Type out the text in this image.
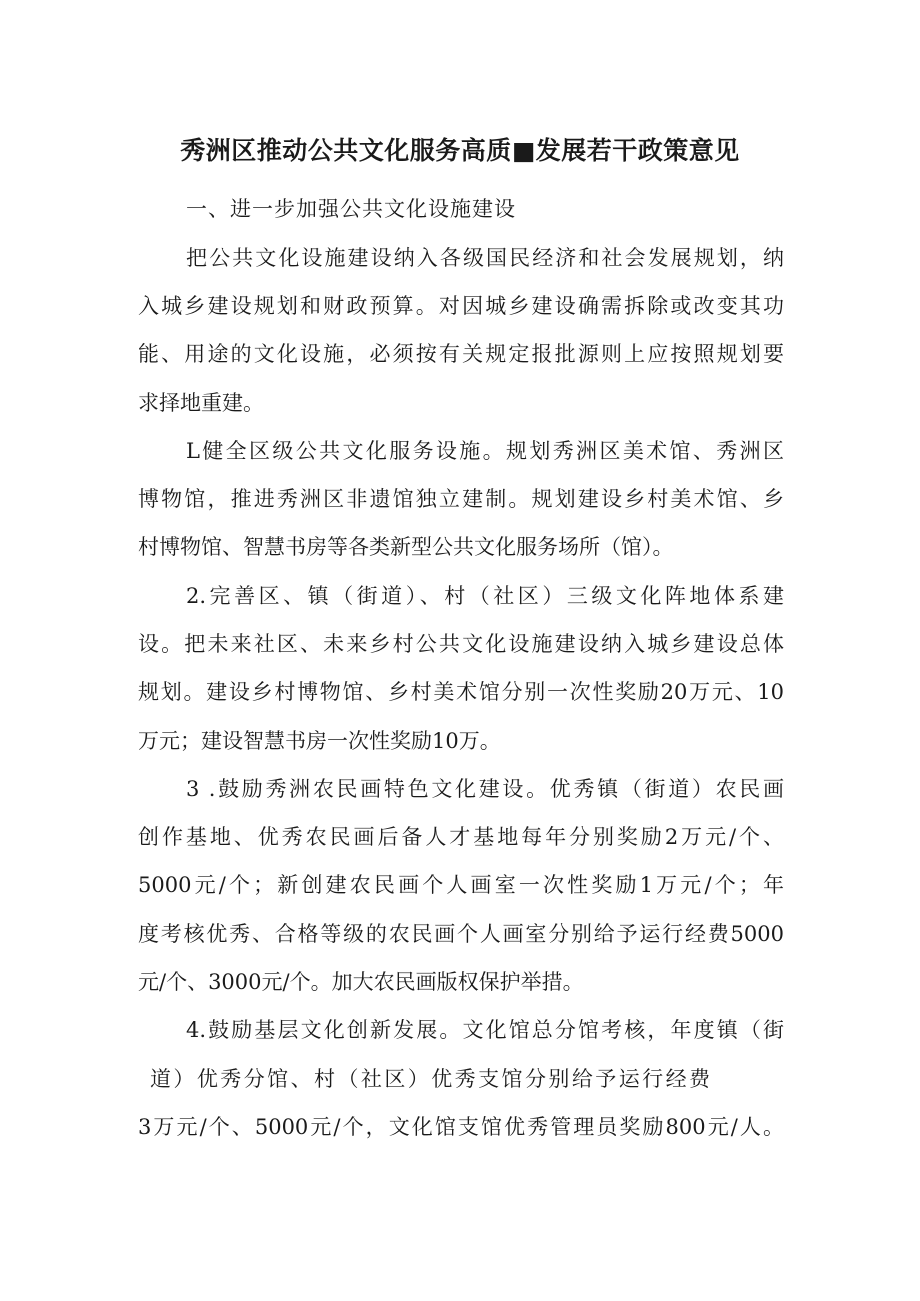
秀洲区推动公共文化服务高质■发展若干政策意见
一、进一步加强公共文化设施建设
把公共文化设施建设纳入各级国民经济和社会发展规划，纳
入城乡建设规划和财政预算。对因城乡建设确需拆除或改变其功
能、用途的文化设施，必须按有关规定报批源则上应按照规划要
求择地重建。
L健全区级公共文化服务设施。规划秀洲区美术馆、秀洲区
博物馆，推进秀洲区非遗馆独立建制。规划建设乡村美术馆、乡
村博物馆、智慧书房等各类新型公共文化服务场所（馆）。
2.完善区、镇（街道）、村（社区）三级文化阵地体系建
设。把未来社区、未来乡村公共文化设施建设纳入城乡建设总体
规划。建设乡村博物馆、乡村美术馆分别一次性奖励20万元、10
万元；建设智慧书房一次性奖励10万。
3 .鼓励秀洲农民画特色文化建设。优秀镇（街道）农民画
创作基地、优秀农民画后备人才基地每年分别奖励2万元/个、
5000元/个；新创建农民画个人画室一次性奖励1万元/个；年
度考核优秀、合格等级的农民画个人画室分别给予运行经费5000
元/个、3000元/个。加大农民画版权保护举措。
4.鼓励基层文化创新发展。文化馆总分馆考核，年度镇（街
道）优秀分馆、村（社区）优秀支馆分别给予运行经费
3万元/个、5000元/个，文化馆支馆优秀管理员奖励800元/人。
